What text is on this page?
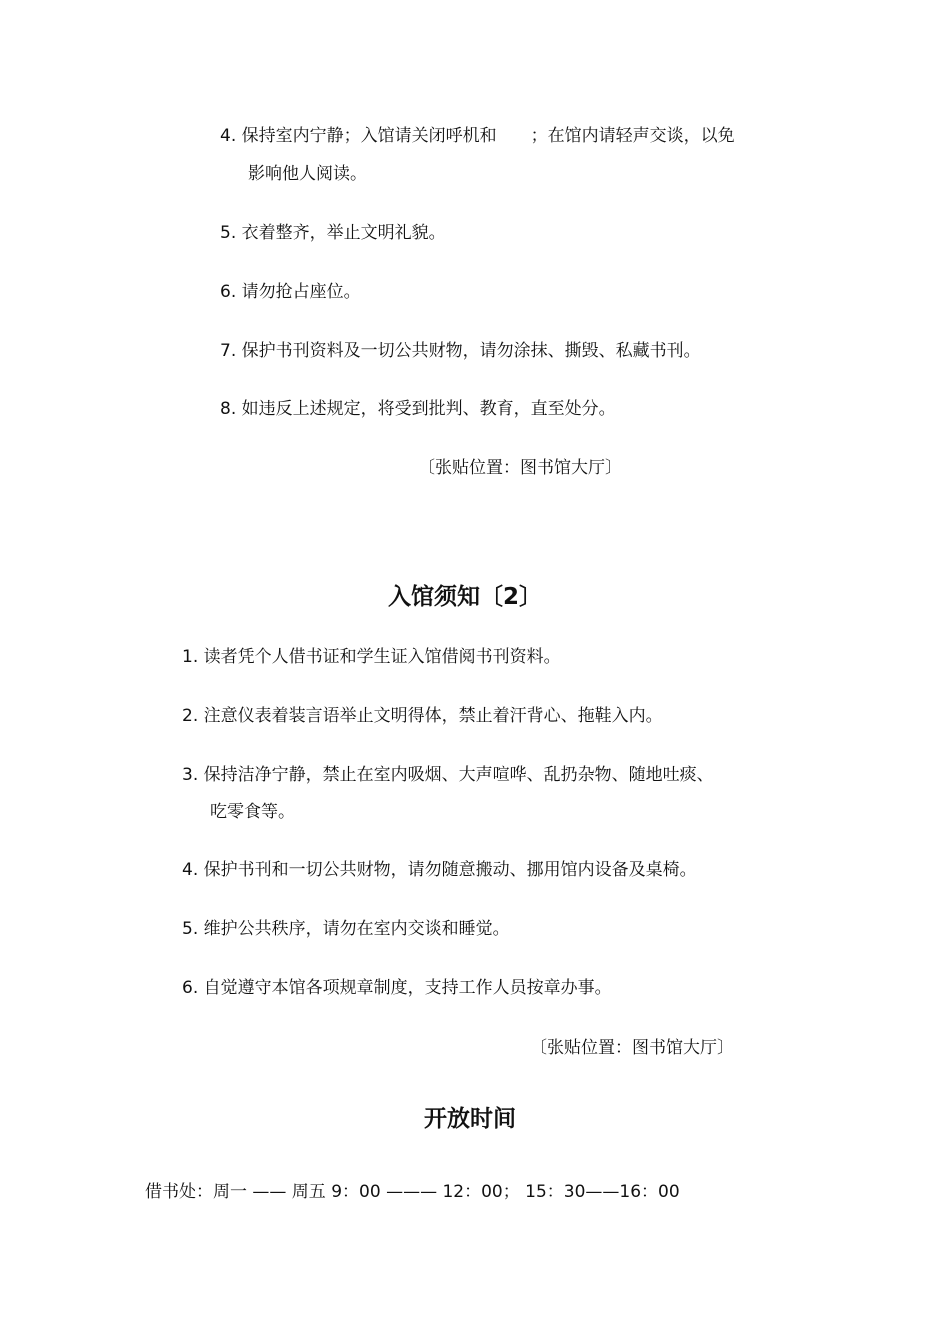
4. 保持室内宁静；入馆请关闭呼机和　　；在馆内请轻声交谈，以免
影响他人阅读。
5. 衣着整齐，举止文明礼貌。
6. 请勿抢占座位。
7. 保护书刊资料及一切公共财物，请勿涂抹、撕毁、私藏书刊。
8. 如违反上述规定，将受到批判、教育，直至处分。
〔张贴位置：图书馆大厅〕
入馆须知〔2〕
1. 读者凭个人借书证和学生证入馆借阅书刊资料。
2. 注意仪表着装言语举止文明得体，禁止着汗背心、拖鞋入内。
3. 保持洁净宁静，禁止在室内吸烟、大声喧哗、乱扔杂物、随地吐痰、
吃零食等。
4. 保护书刊和一切公共财物，请勿随意搬动、挪用馆内设备及桌椅。
5. 维护公共秩序，请勿在室内交谈和睡觉。
6. 自觉遵守本馆各项规章制度，支持工作人员按章办事。
〔张贴位置：图书馆大厅〕
开放时间
借书处：周一 —— 周五 9：00 ——— 12：00； 15：30——16：00
